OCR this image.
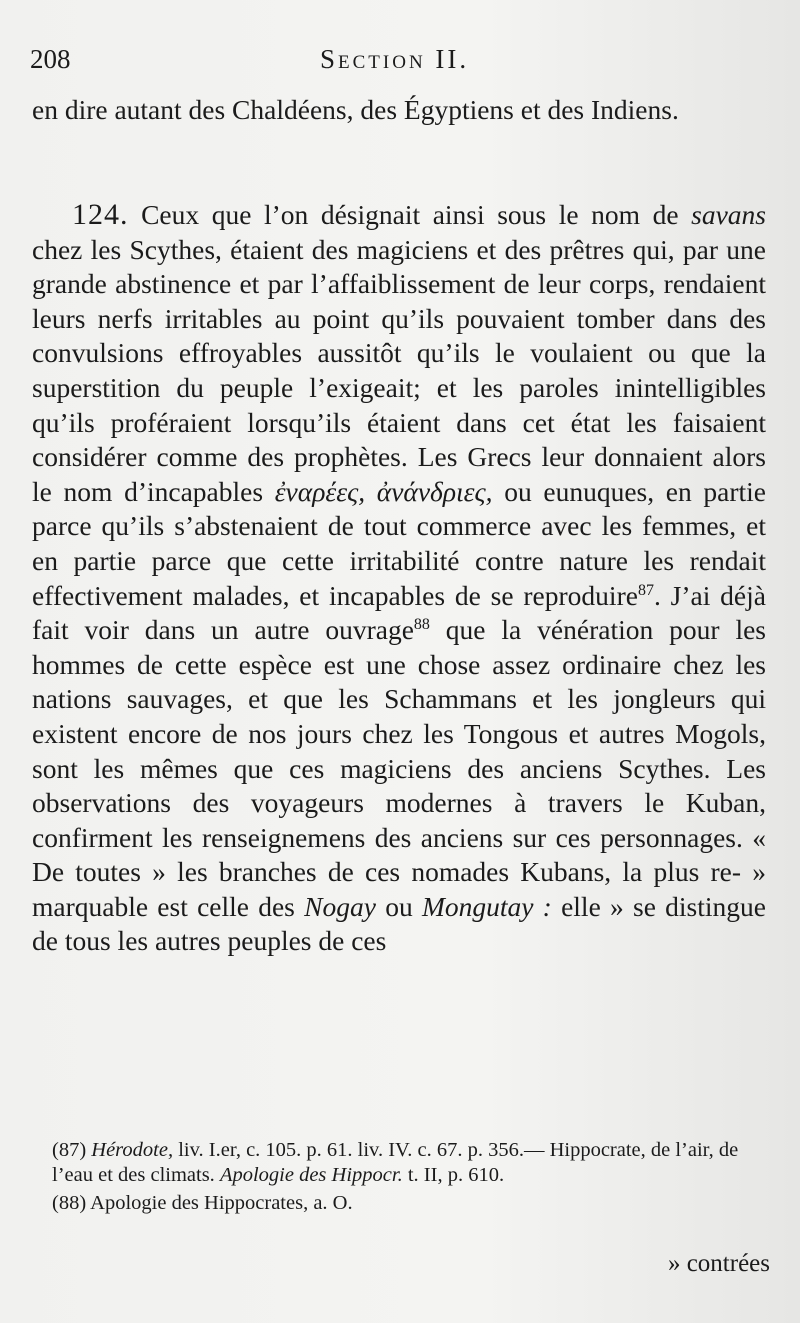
208	Section II.
en dire autant des Chaldéens, des Égyptiens et des Indiens.
124. Ceux que l’on désignait ainsi sous le nom de savans chez les Scythes, étaient des magiciens et des prêtres qui, par une grande abstinence et par l’affaiblissement de leur corps, rendaient leurs nerfs irritables au point qu’ils pouvaient tomber dans des convulsions effroyables aussitôt qu’ils le voulaient ou que la superstition du peuple l’exigeait; et les paroles inintelligibles qu’ils proféraient lorsqu’ils étaient dans cet état les faisaient considérer comme des prophètes. Les Grecs leur donnaient alors le nom d’incapables ἐναρέες, ἀνάνδριες, ou eunuques, en partie parce qu’ils s’abstenaient de tout commerce avec les femmes, et en partie parce que cette irritabilité contre nature les rendait effectivement malades, et incapables de se reproduire$^{87}$. J’ai déjà fait voir dans un autre ouvrage$^{88}$ que la vénération pour les hommes de cette espèce est une chose assez ordinaire chez les nations sauvages, et que les Schammans et les jongleurs qui existent encore de nos jours chez les Tongous et autres Mogols, sont les mêmes que ces magiciens des anciens Scythes. Les observations des voyageurs modernes à travers le Kuban, confirment les renseignemens des anciens sur ces personnages. « De toutes » les branches de ces nomades Kubans, la plus re- » marquable est celle des Nogay ou Mongutay : elle » se distingue de tous les autres peuples de ces

(87) Hérodote, liv. I.er, c. 105. p. 61. liv. IV. c. 67. p. 356.— Hippocrate, de l’air, de l’eau et des climats. Apologie des Hippocr. t. II, p. 610.

(88) Apologie des Hippocrates, a. O.

» contrées
